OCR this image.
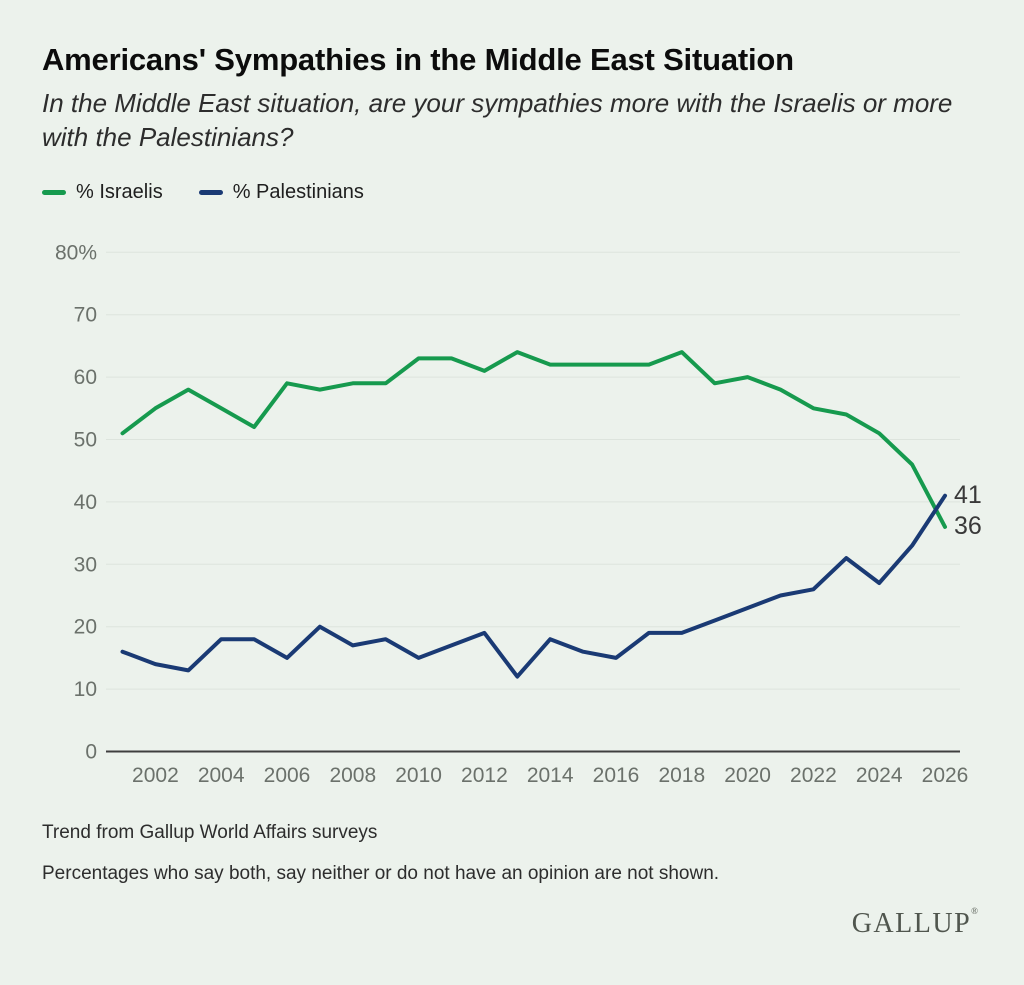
Americans' Sympathies in the Middle East Situation

In the Middle East situation, are your sympathies more with the Israelis or more with the Palestinians?

% Israelis	% Palestinians
0
10
20
30
40
50
60
70
80%
2002 2004 2006 2008 2010 2012 2014 2016 2018 2020 2022 2024 2026
41
36

Trend from Gallup World Affairs surveys

Percentages who say both, say neither or do not have an opinion are not shown.

GALLUP®
